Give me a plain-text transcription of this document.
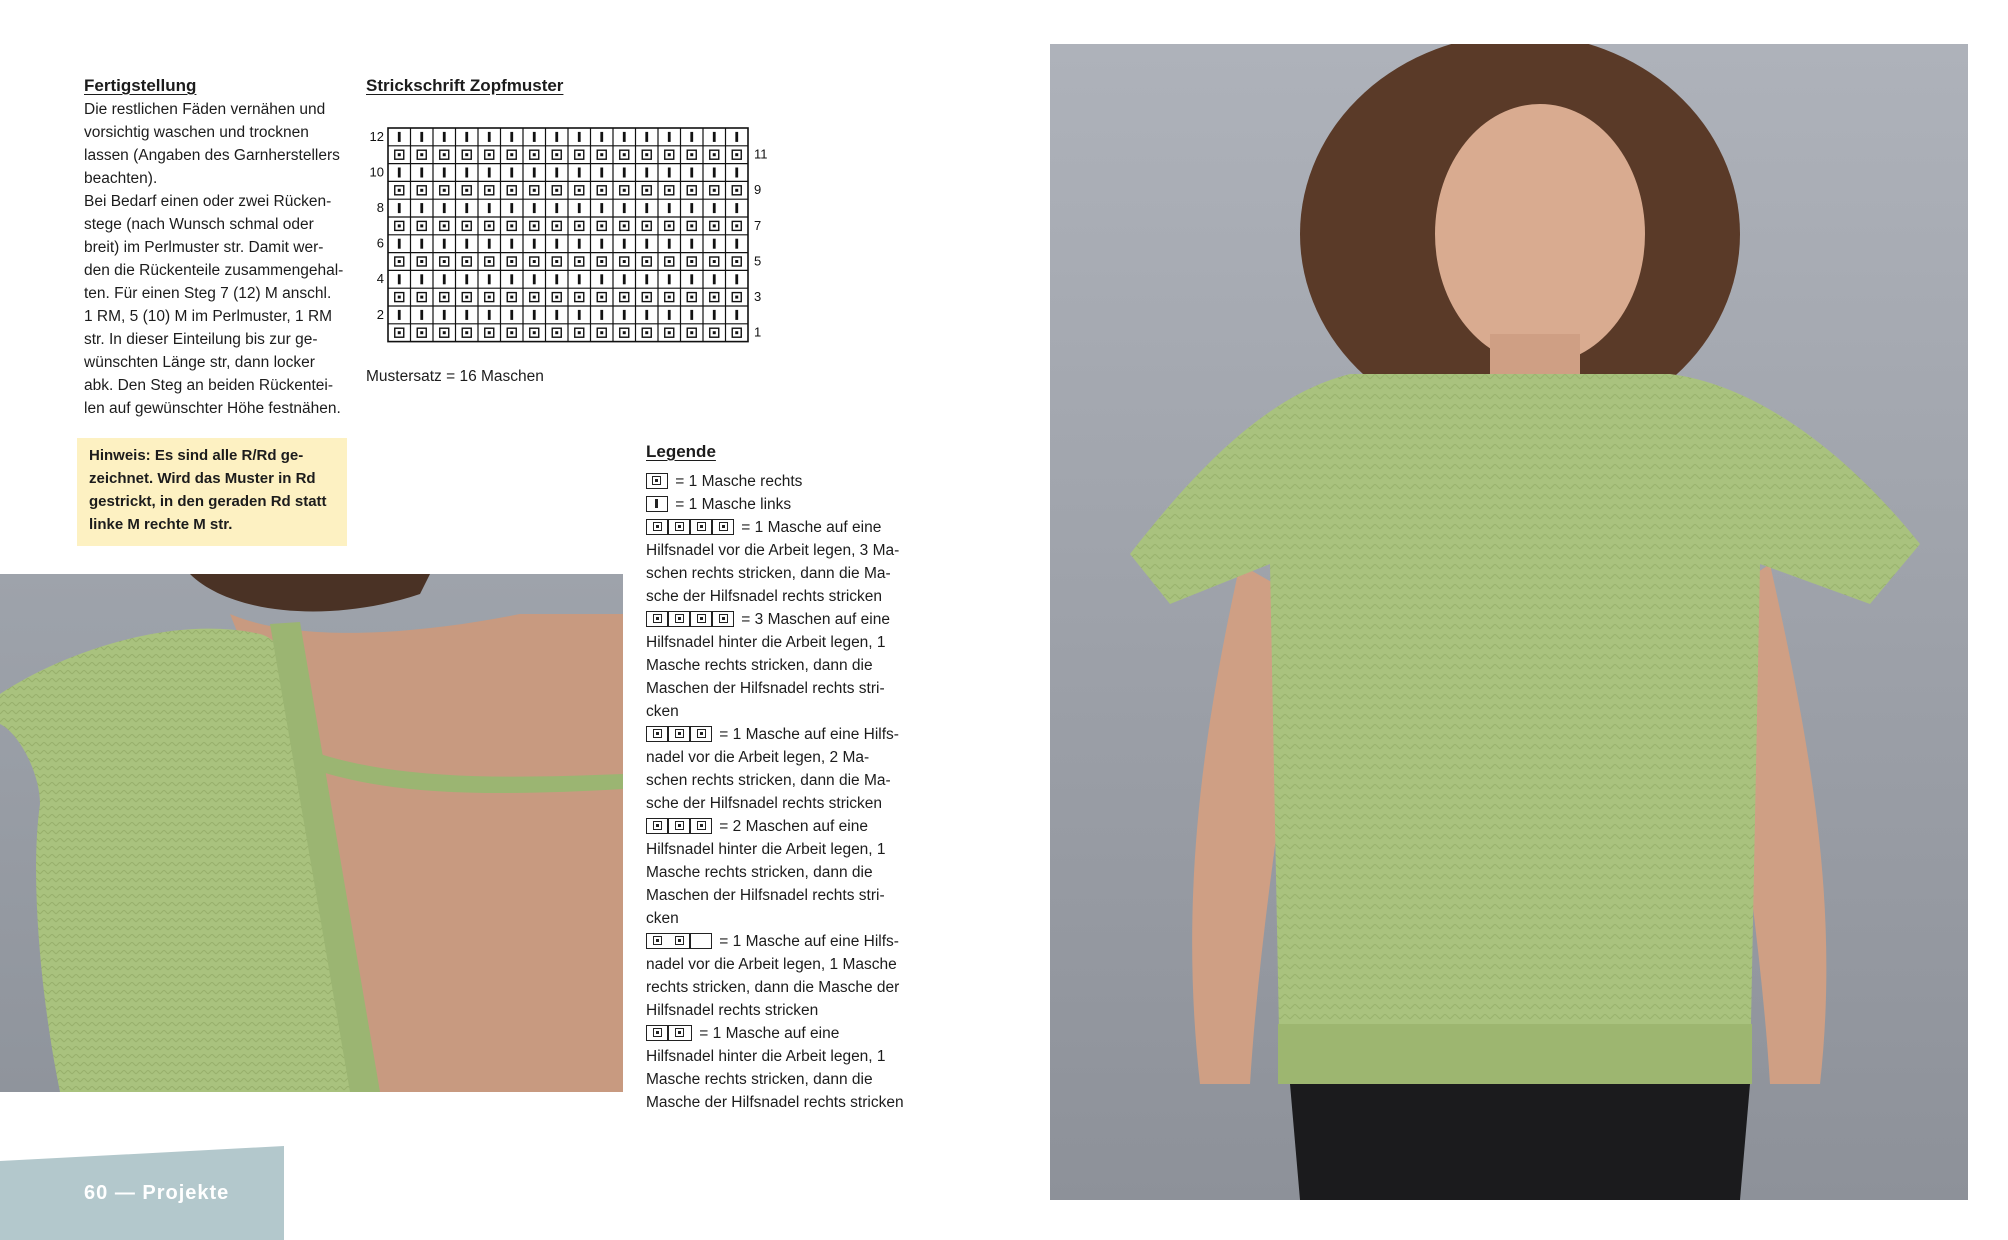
Fertigstellung
Die restlichen Fäden vernähen und
vorsichtig waschen und trocknen
lassen (Angaben des Garnherstellers
beachten).
Bei Bedarf einen oder zwei Rücken-
stege (nach Wunsch schmal oder
breit) im Perlmuster str. Damit wer-
den die Rückenteile zusammengehal-
ten. Für einen Steg 7 (12) M anschl.
1 RM, 5 (10) M im Perlmuster, 1 RM
str. In dieser Einteilung bis zur ge-
wünschten Länge str, dann locker
abk. Den Steg an beiden Rückentei-
len auf gewünschter Höhe festnähen.
Hinweis: Es sind alle R/Rd ge-
zeichnet. Wird das Muster in Rd
gestrickt, in den geraden Rd statt
linke M rechte M str.
Strickschrift Zopfmuster
12
10
8
6
4
2
11
9
7
5
3
1
Mustersatz = 16 Maschen
Legende
= 1 Masche rechts
= 1 Masche links
= 1 Masche auf eine Hilfsnadel vor die Arbeit legen, 3 Ma-schen rechts stricken, dann die Ma-sche der Hilfsnadel rechts stricken
= 3 Maschen auf eine Hilfsnadel hinter die Arbeit legen, 1 Masche rechts stricken, dann die Maschen der Hilfsnadel rechts stri-cken
= 1 Masche auf eine Hilfs-nadel vor die Arbeit legen, 2 Ma-schen rechts stricken, dann die Ma-sche der Hilfsnadel rechts stricken
= 2 Maschen auf eine Hilfsnadel hinter die Arbeit legen, 1 Masche rechts stricken, dann die Maschen der Hilfsnadel rechts stri-cken
= 1 Masche auf eine Hilfs-nadel vor die Arbeit legen, 1 Masche rechts stricken, dann die Masche der Hilfsnadel rechts stricken
= 1 Masche auf eine Hilfsnadel hinter die Arbeit legen, 1 Masche rechts stricken, dann die Masche der Hilfsnadel rechts stricken
60 — Projekte
